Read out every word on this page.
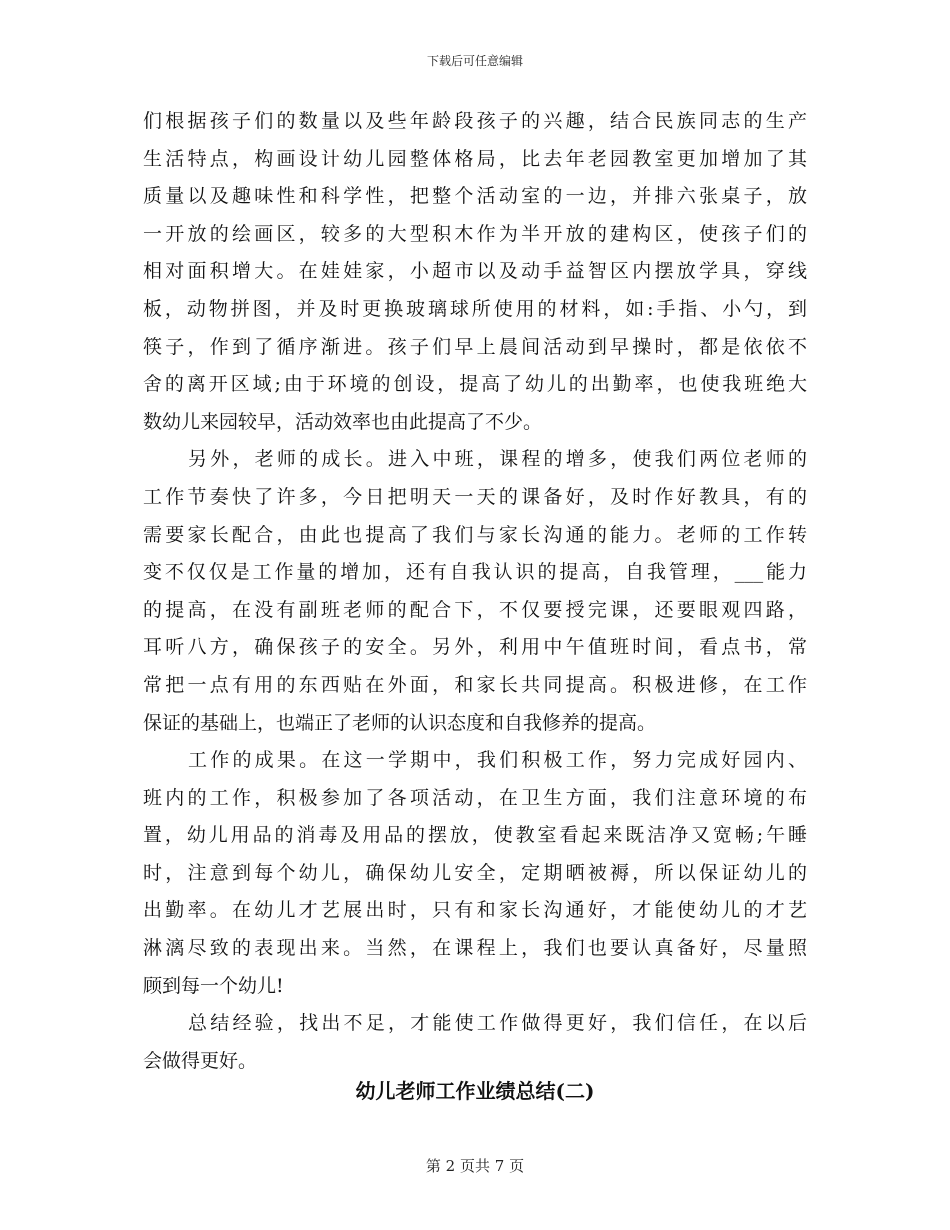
下载后可任意编辑
们根据孩子们的数量以及些年龄段孩子的兴趣，结合民族同志的生产
生活特点，构画设计幼儿园整体格局，比去年老园教室更加增加了其
质量以及趣味性和科学性，把整个活动室的一边，并排六张桌子，放
一开放的绘画区，较多的大型积木作为半开放的建构区，使孩子们的
相对面积增大。在娃娃家，小超市以及动手益智区内摆放学具，穿线
板，动物拼图，并及时更换玻璃球所使用的材料，如:手指、小勺，到
筷子，作到了循序渐进。孩子们早上晨间活动到早操时，都是依依不
舍的离开区域;由于环境的创设，提高了幼儿的出勤率，也使我班绝大
数幼儿来园较早，活动效率也由此提高了不少。
另外，老师的成长。进入中班，课程的增多，使我们两位老师的
工作节奏快了许多，今日把明天一天的课备好，及时作好教具，有的
需要家长配合，由此也提高了我们与家长沟通的能力。老师的工作转
变不仅仅是工作量的增加，还有自我认识的提高，自我管理，___能力
的提高，在没有副班老师的配合下，不仅要授完课，还要眼观四路，
耳听八方，确保孩子的安全。另外，利用中午值班时间，看点书，常
常把一点有用的东西贴在外面，和家长共同提高。积极进修，在工作
保证的基础上，也端正了老师的认识态度和自我修养的提高。
工作的成果。在这一学期中，我们积极工作，努力完成好园内、
班内的工作，积极参加了各项活动，在卫生方面，我们注意环境的布
置，幼儿用品的消毒及用品的摆放，使教室看起来既洁净又宽畅;午睡
时，注意到每个幼儿，确保幼儿安全，定期晒被褥，所以保证幼儿的
出勤率。在幼儿才艺展出时，只有和家长沟通好，才能使幼儿的才艺
淋漓尽致的表现出来。当然，在课程上，我们也要认真备好，尽量照
顾到每一个幼儿!
总结经验，找出不足，才能使工作做得更好，我们信任，在以后
会做得更好。
幼儿老师工作业绩总结(二)
第 2 页共 7 页
